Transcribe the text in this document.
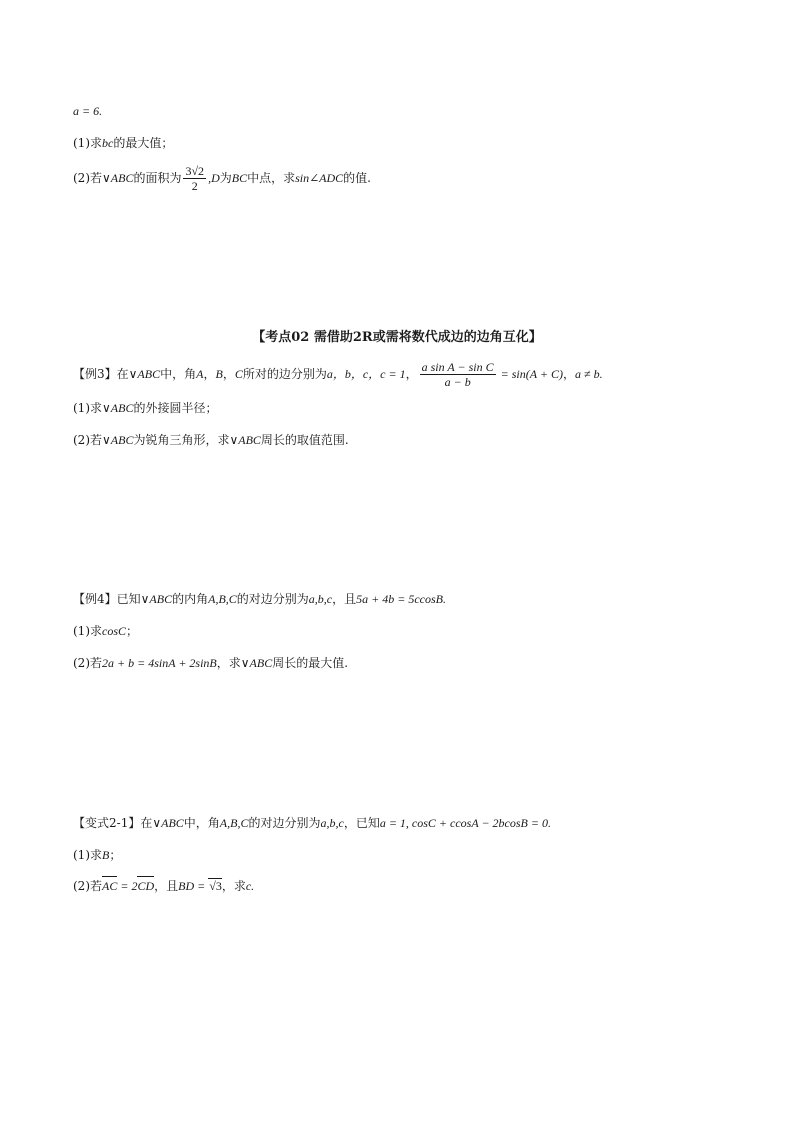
a = 6.
(1)求bc的最大值；
(2)若∨ABC的面积为 $\frac{3√2}{2} ,D$为BC中点，求sin∠ADC的值.
【考点02 需借助2R或需将数代成边的边角互化】
【例3】在∨ABC中，角A，B，C所对的边分别为a，b，c，c = 1， $\frac{\text{a sin A − sin C}}{a - b} = \sin(A + C)$，a ≠ b.
(1)求∨ABC的外接圆半径；
(2)若∨ABC为锐角三角形，求∨ABC周长的取值范围.
【例4】已知∨ABC的内角A,B,C的对边分别为a,b,c，且5a + 4b = 5ccosB.
(1)求cosC；
(2)若2a + b = 4sinA + 2sinB，求∨ABC周长的最大值.
【变式2-1】在∨ABC中，角A,B,C的对边分别为a,b,c，已知a = 1, cosC + ccosA − 2bcosB = 0.
(1)求B；
(2)若AC = 2CD，且BD = √3，求c.
